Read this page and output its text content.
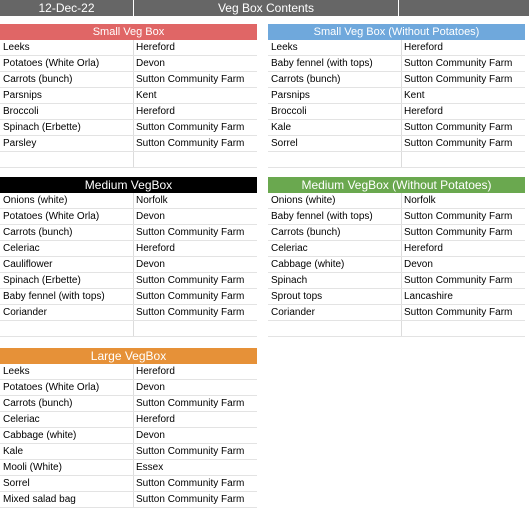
12-Dec-22	Veg Box Contents
Small Veg Box
Leeks	Hereford
Potatoes (White Orla)	Devon
Carrots (bunch)	Sutton Community Farm
Parsnips	Kent
Broccoli	Hereford
Spinach (Erbette)	Sutton Community Farm
Parsley	Sutton Community Farm
Small Veg Box (Without Potatoes)
Leeks	Hereford
Baby fennel (with tops)	Sutton Community Farm
Carrots (bunch)	Sutton Community Farm
Parsnips	Kent
Broccoli	Hereford
Kale	Sutton Community Farm
Sorrel	Sutton Community Farm
Medium VegBox
Onions (white)	Norfolk
Potatoes (White Orla)	Devon
Carrots (bunch)	Sutton Community Farm
Celeriac	Hereford
Cauliflower	Devon
Spinach (Erbette)	Sutton Community Farm
Baby fennel (with tops)	Sutton Community Farm
Coriander	Sutton Community Farm
Medium VegBox (Without Potatoes)
Onions (white)	Norfolk
Baby fennel (with tops)	Sutton Community Farm
Carrots (bunch)	Sutton Community Farm
Celeriac	Hereford
Cabbage (white)	Devon
Spinach	Sutton Community Farm
Sprout tops	Lancashire
Coriander	Sutton Community Farm
Large VegBox
Leeks	Hereford
Potatoes (White Orla)	Devon
Carrots (bunch)	Sutton Community Farm
Celeriac	Hereford
Cabbage (white)	Devon
Kale	Sutton Community Farm
Mooli (White)	Essex
Sorrel	Sutton Community Farm
Mixed salad bag	Sutton Community Farm
